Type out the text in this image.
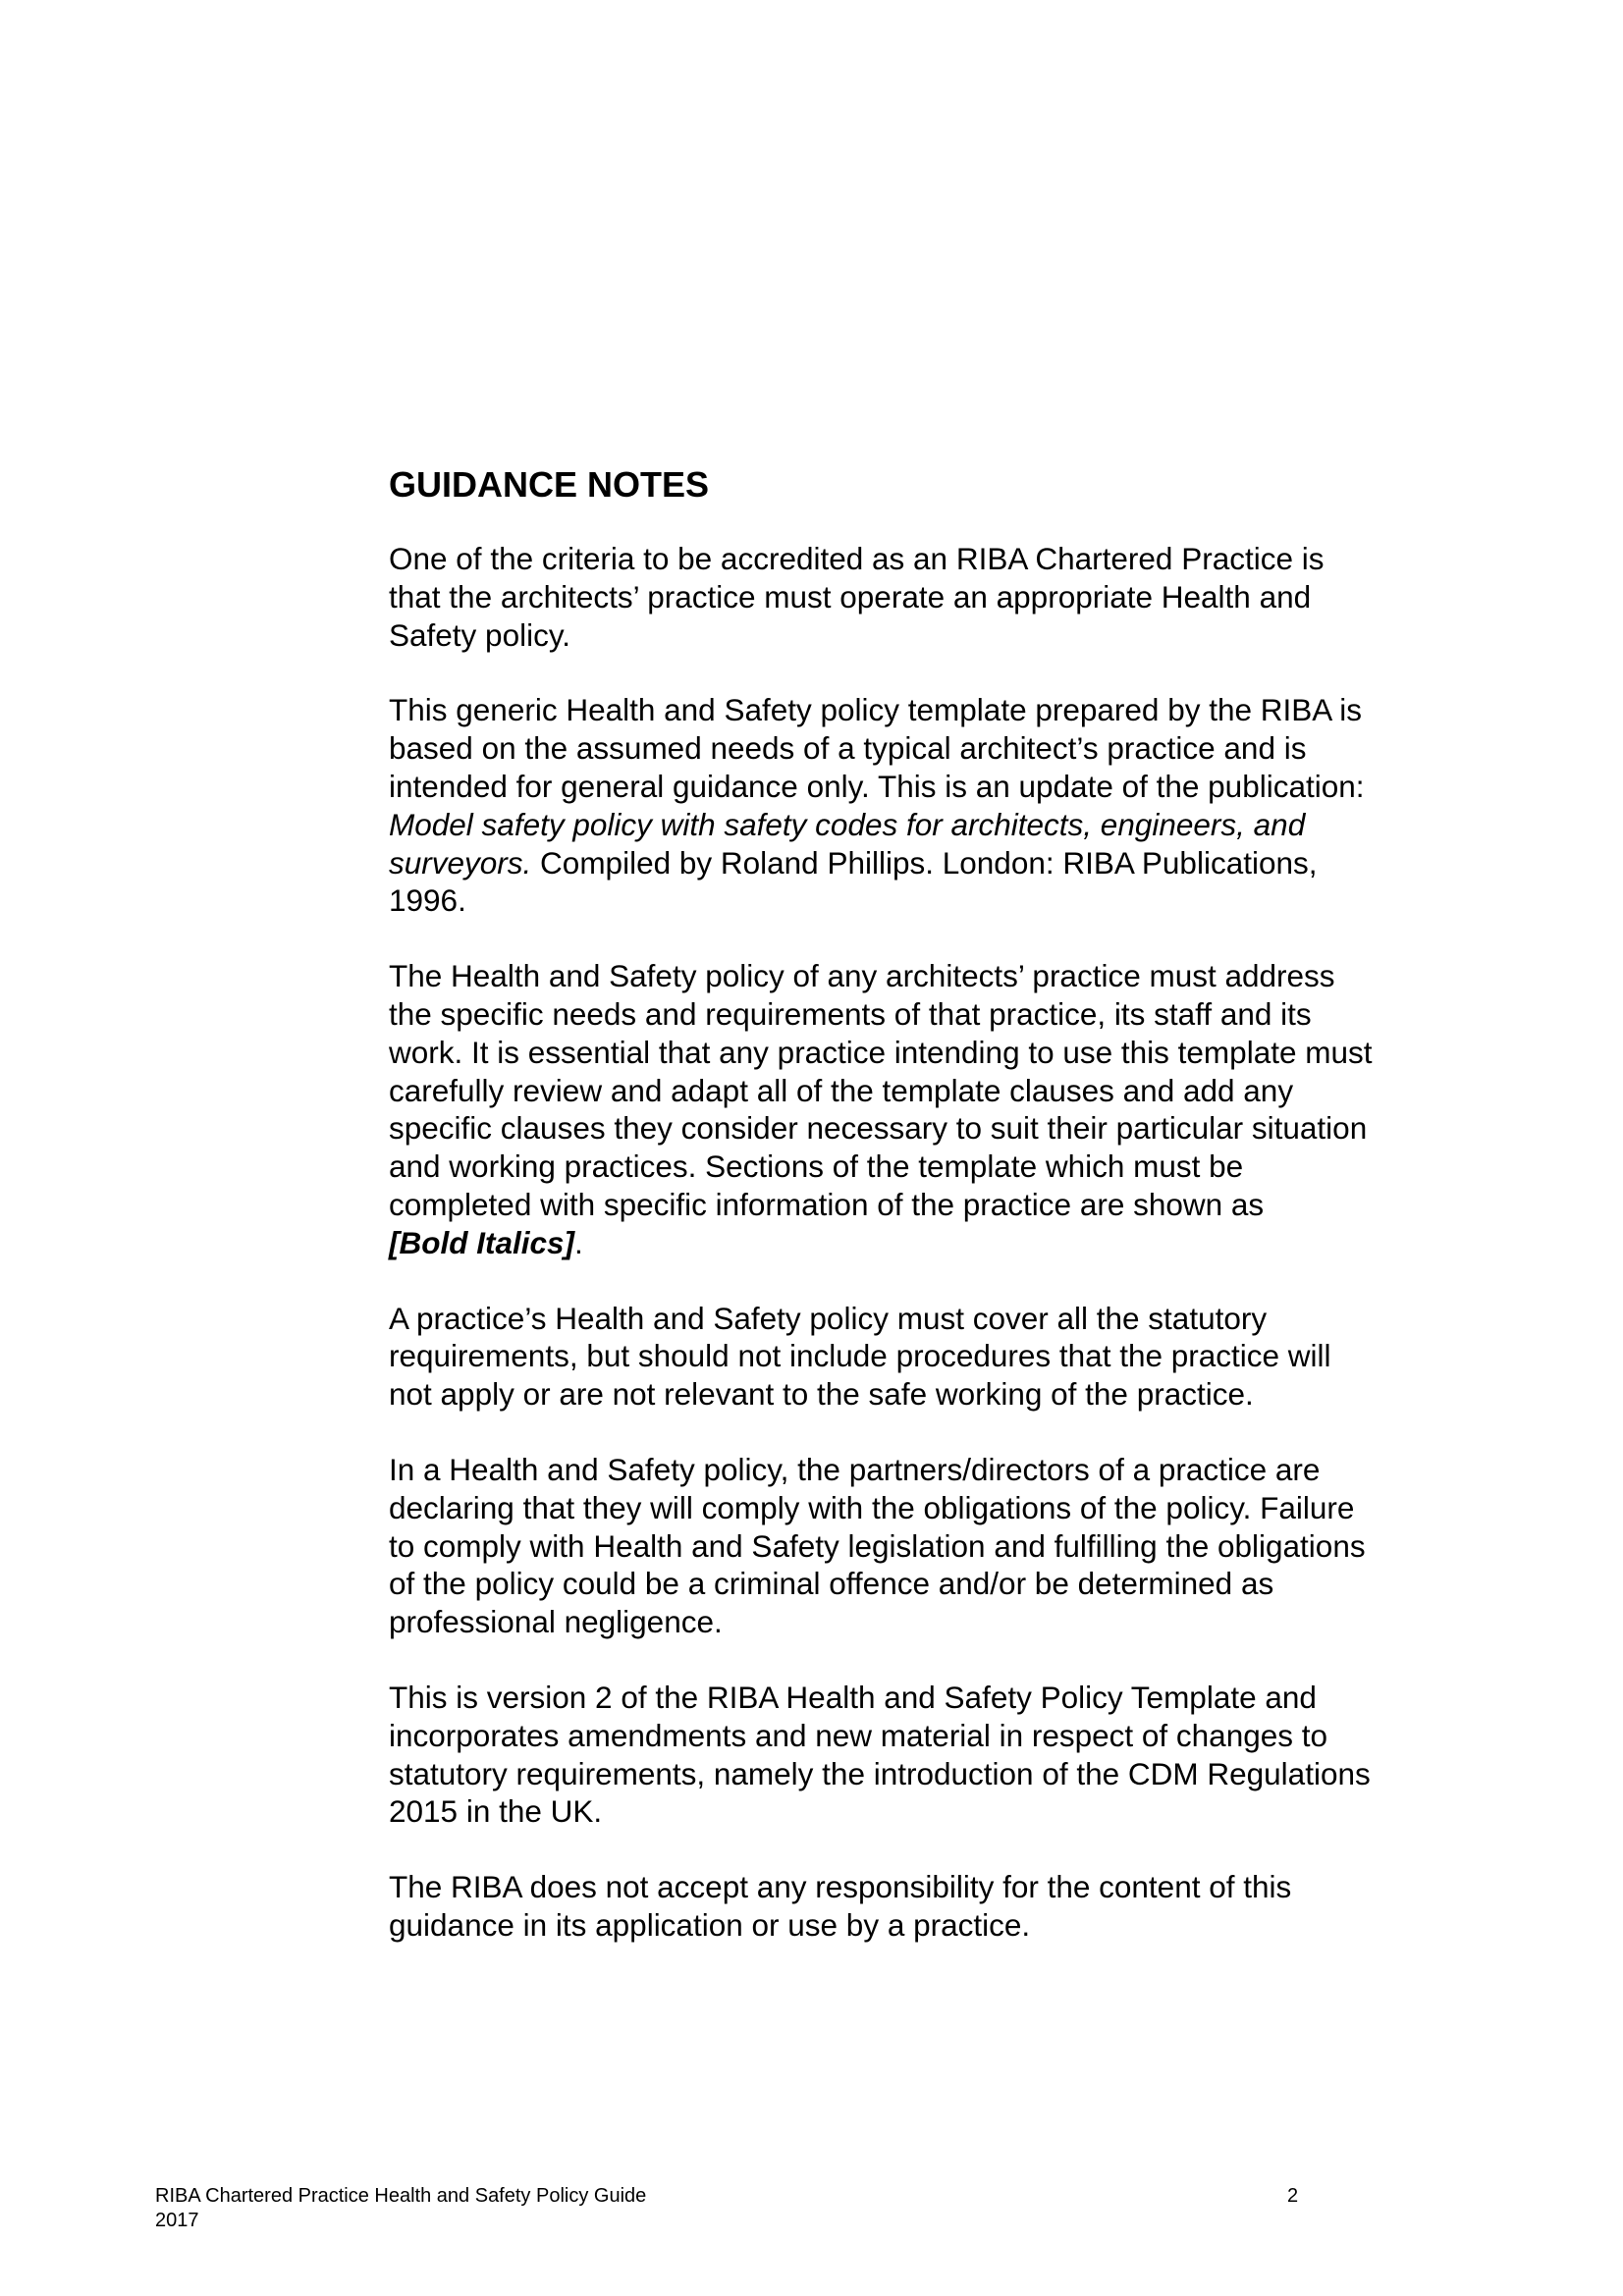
GUIDANCE NOTES
One of the criteria to be accredited as an RIBA Chartered Practice is
that the architects’ practice must operate an appropriate Health and
Safety policy.
This generic Health and Safety policy template prepared by the RIBA is
based on the assumed needs of a typical architect’s practice and is
intended for general guidance only. This is an update of the publication:
Model safety policy with safety codes for architects, engineers, and
surveyors. Compiled by Roland Phillips. London: RIBA Publications,
1996.
The Health and Safety policy of any architects’ practice must address
the specific needs and requirements of that practice, its staff and its
work. It is essential that any practice intending to use this template must
carefully review and adapt all of the template clauses and add any
specific clauses they consider necessary to suit their particular situation
and working practices. Sections of the template which must be
completed with specific information of the practice are shown as
[Bold Italics].
A practice’s Health and Safety policy must cover all the statutory
requirements, but should not include procedures that the practice will
not apply or are not relevant to the safe working of the practice.
In a Health and Safety policy, the partners/directors of a practice are
declaring that they will comply with the obligations of the policy. Failure
to comply with Health and Safety legislation and fulfilling the obligations
of the policy could be a criminal offence and/or be determined as
professional negligence.
This is version 2 of the RIBA Health and Safety Policy Template and
incorporates amendments and new material in respect of changes to
statutory requirements, namely the introduction of the CDM Regulations
2015 in the UK.
The RIBA does not accept any responsibility for the content of this
guidance in its application or use by a practice.
RIBA Chartered Practice Health and Safety Policy Guide
2017
2
